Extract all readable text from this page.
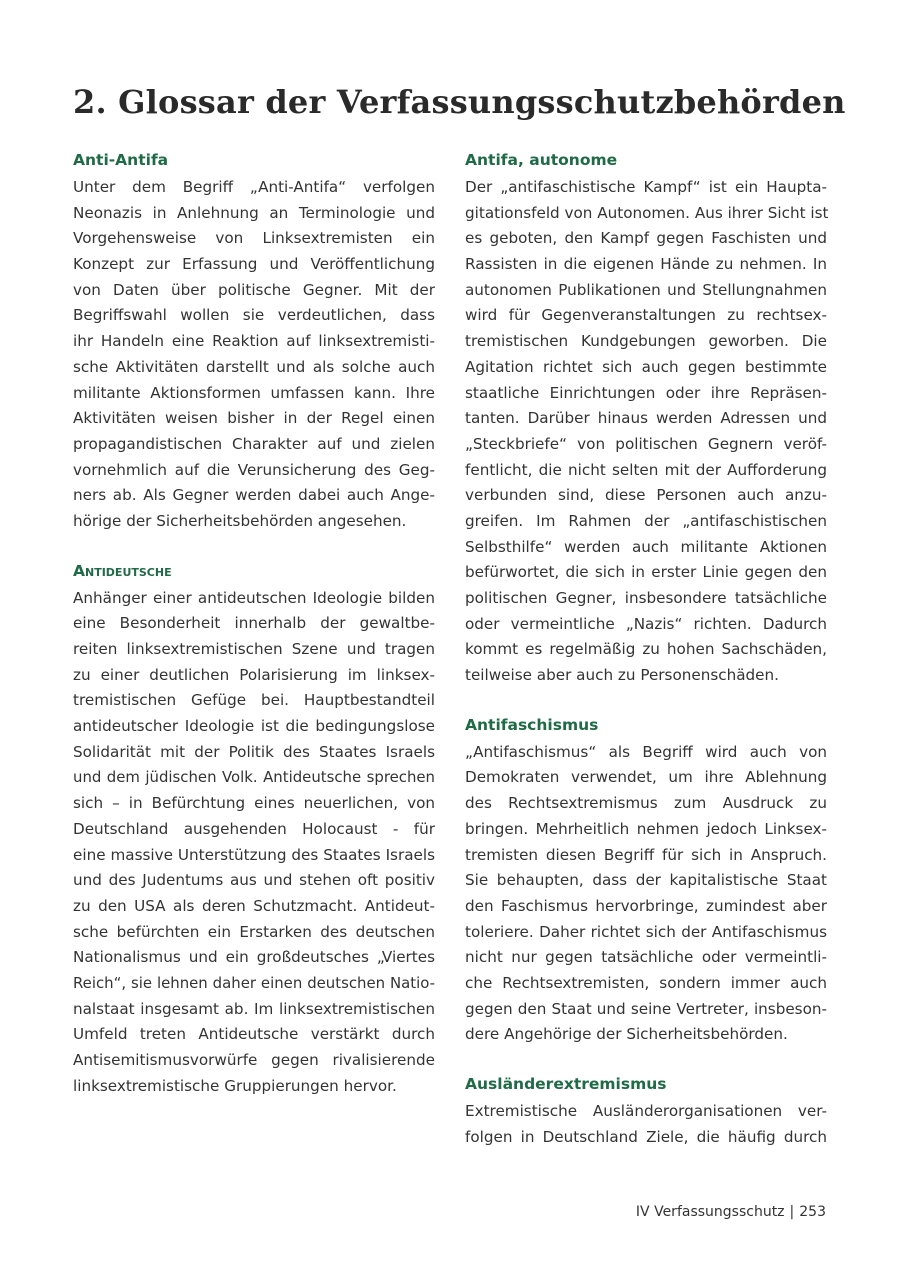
2. Glossar der Verfassungsschutzbehörden
Anti-Antifa
Unter dem Begriff „Anti-Antifa“ verfolgen
Neonazis in Anlehnung an Terminologie und
Vorgehensweise von Linksextremisten ein
Konzept zur Erfassung und Veröffentlichung
von Daten über politische Gegner. Mit der
Begriffswahl wollen sie verdeutlichen, dass
ihr Handeln eine Reaktion auf linksextremisti-
sche Aktivitäten darstellt und als solche auch
militante Aktionsformen umfassen kann. Ihre
Aktivitäten weisen bisher in der Regel einen
propagandistischen Charakter auf und zielen
vornehmlich auf die Verunsicherung des Geg-
ners ab. Als Gegner werden dabei auch Ange-
hörige der Sicherheitsbehörden angesehen.
Antideutsche
Anhänger einer antideutschen Ideologie bilden
eine Besonderheit innerhalb der gewaltbe-
reiten linksextremistischen Szene und tragen
zu einer deutlichen Polarisierung im linksex-
tremistischen Gefüge bei. Hauptbestandteil
antideutscher Ideologie ist die bedingungslose
Solidarität mit der Politik des Staates Israels
und dem jüdischen Volk. Antideutsche sprechen
sich – in Befürchtung eines neuerlichen, von
Deutschland ausgehenden Holocaust - für
eine massive Unterstützung des Staates Israels
und des Judentums aus und stehen oft positiv
zu den USA als deren Schutzmacht. Antideut-
sche befürchten ein Erstarken des deutschen
Nationalismus und ein großdeutsches „Viertes
Reich“, sie lehnen daher einen deutschen Natio-
nalstaat insgesamt ab. Im linksextremistischen
Umfeld treten Antideutsche verstärkt durch
Antisemitismusvorwürfe gegen rivalisierende
linksextremistische Gruppierungen hervor.
Antifa, autonome
Der „antifaschistische Kampf“ ist ein Hauptа-
gitationsfeld von Autonomen. Aus ihrer Sicht ist
es geboten, den Kampf gegen Faschisten und
Rassisten in die eigenen Hände zu nehmen. In
autonomen Publikationen und Stellungnahmen
wird für Gegenveranstaltungen zu rechtsex-
tremistischen Kundgebungen geworben. Die
Agitation richtet sich auch gegen bestimmte
staatliche Einrichtungen oder ihre Repräsen-
tanten. Darüber hinaus werden Adressen und
„Steckbriefe“ von politischen Gegnern veröf-
fentlicht, die nicht selten mit der Aufforderung
verbunden sind, diese Personen auch anzu-
greifen. Im Rahmen der „antifaschistischen
Selbsthilfe“ werden auch militante Aktionen
befürwortet, die sich in erster Linie gegen den
politischen Gegner, insbesondere tatsächliche
oder vermeintliche „Nazis“ richten. Dadurch
kommt es regelmäßig zu hohen Sachschäden,
teilweise aber auch zu Personenschäden.
Antifaschismus
„Antifaschismus“ als Begriff wird auch von
Demokraten verwendet, um ihre Ablehnung
des Rechtsextremismus zum Ausdruck zu
bringen. Mehrheitlich nehmen jedoch Linksex-
tremisten diesen Begriff für sich in Anspruch.
Sie behaupten, dass der kapitalistische Staat
den Faschismus hervorbringe, zumindest aber
toleriere. Daher richtet sich der Antifaschismus
nicht nur gegen tatsächliche oder vermeintli-
che Rechtsextremisten, sondern immer auch
gegen den Staat und seine Vertreter, insbeson-
dere Angehörige der Sicherheitsbehörden.
Ausländerextremismus
Extremistische Ausländerorganisationen ver-
folgen in Deutschland Ziele, die häufig durch
IV Verfassungsschutz | 253
